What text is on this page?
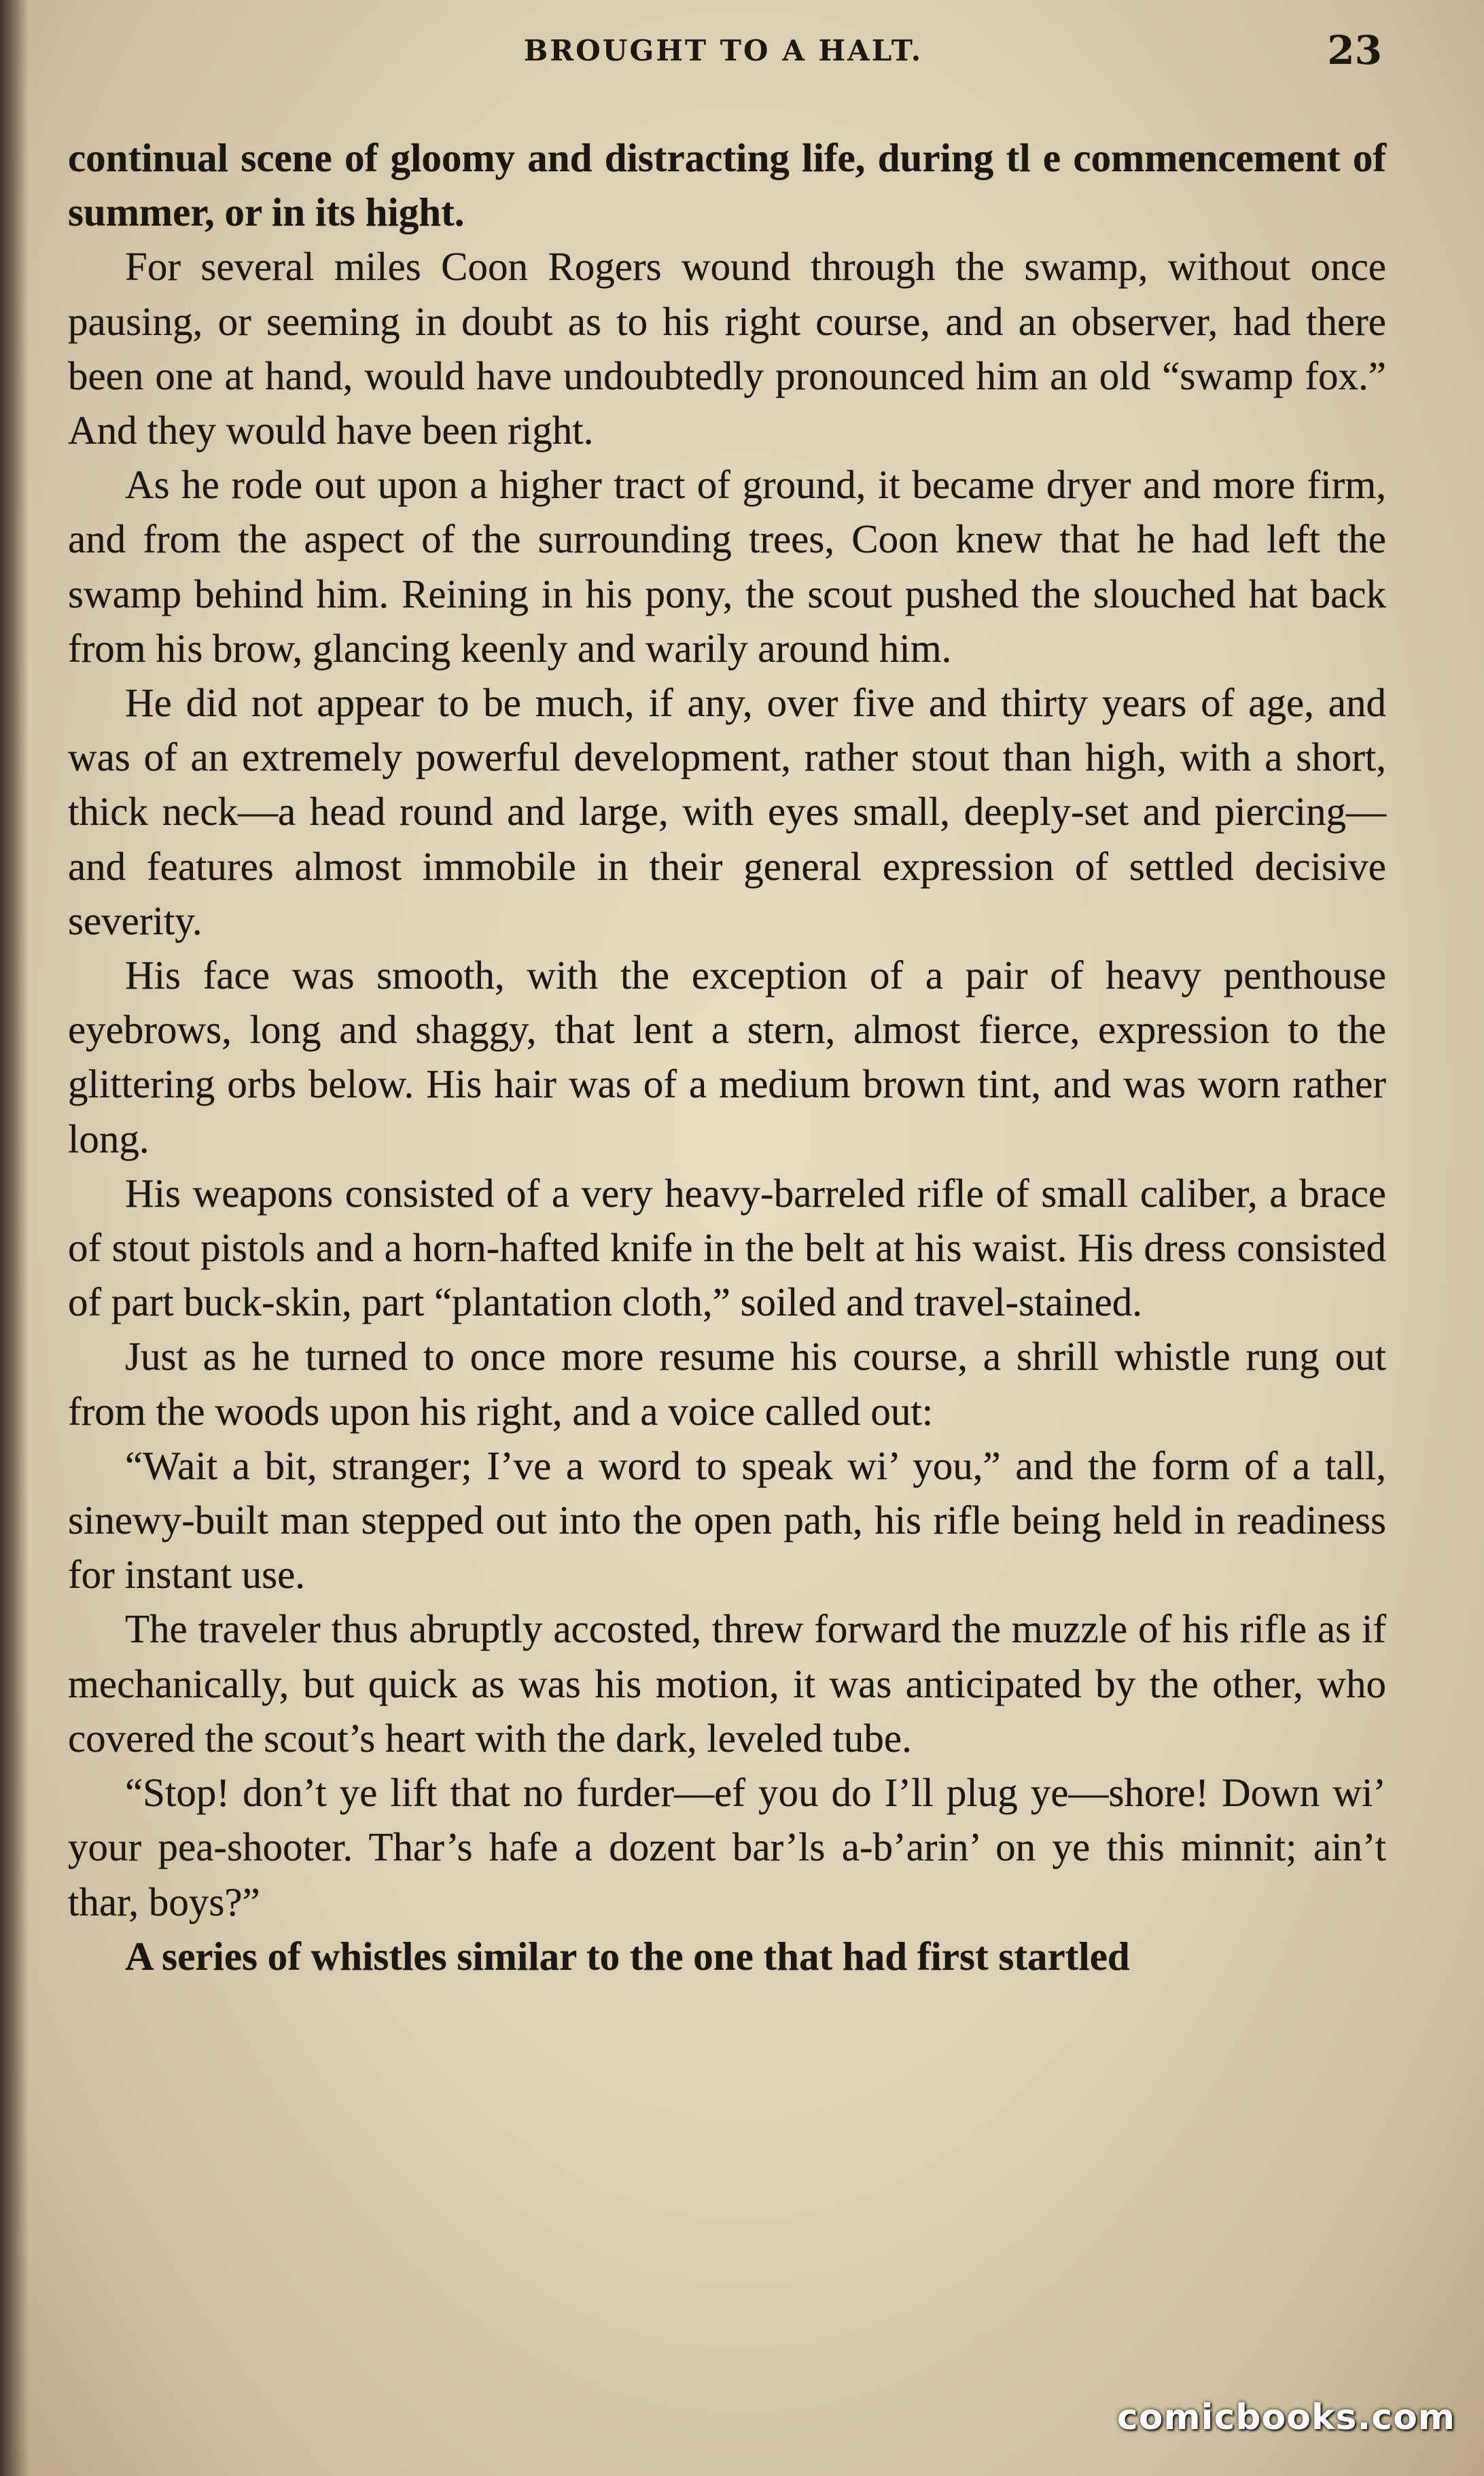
BROUGHT TO A HALT.	23

continual scene of gloomy and distracting life, during tl e commencement of summer, or in its hight.

For several miles Coon Rogers wound through the swamp, without once pausing, or seeming in doubt as to his right course, and an observer, had there been one at hand, would have undoubtedly pronounced him an old “swamp fox.” And they would have been right.

As he rode out upon a higher tract of ground, it became dryer and more firm, and from the aspect of the surrounding trees, Coon knew that he had left the swamp behind him. Reining in his pony, the scout pushed the slouched hat back from his brow, glancing keenly and warily around him.

He did not appear to be much, if any, over five and thirty years of age, and was of an extremely powerful development, rather stout than high, with a short, thick neck—a head round and large, with eyes small, deeply-set and piercing—and features almost immobile in their general expression of settled decisive severity.

His face was smooth, with the exception of a pair of heavy penthouse eyebrows, long and shaggy, that lent a stern, almost fierce, expression to the glittering orbs below. His hair was of a medium brown tint, and was worn rather long.

His weapons consisted of a very heavy-barreled rifle of small caliber, a brace of stout pistols and a horn-hafted knife in the belt at his waist. His dress consisted of part buck-skin, part “plantation cloth,” soiled and travel-stained.

Just as he turned to once more resume his course, a shrill whistle rung out from the woods upon his right, and a voice called out:

“Wait a bit, stranger; I’ve a word to speak wi’ you,” and the form of a tall, sinewy-built man stepped out into the open path, his rifle being held in readiness for instant use.

The traveler thus abruptly accosted, threw forward the muzzle of his rifle as if mechanically, but quick as was his motion, it was anticipated by the other, who covered the scout’s heart with the dark, leveled tube.

“Stop! don’t ye lift that no furder—ef you do I’ll plug ye—shore! Down wi’ your pea-shooter. Thar’s hafe a dozent bar’ls a-b’arin’ on ye this minnit; ain’t thar, boys?”

A series of whistles similar to the one that had first startled

comicbooks.com
